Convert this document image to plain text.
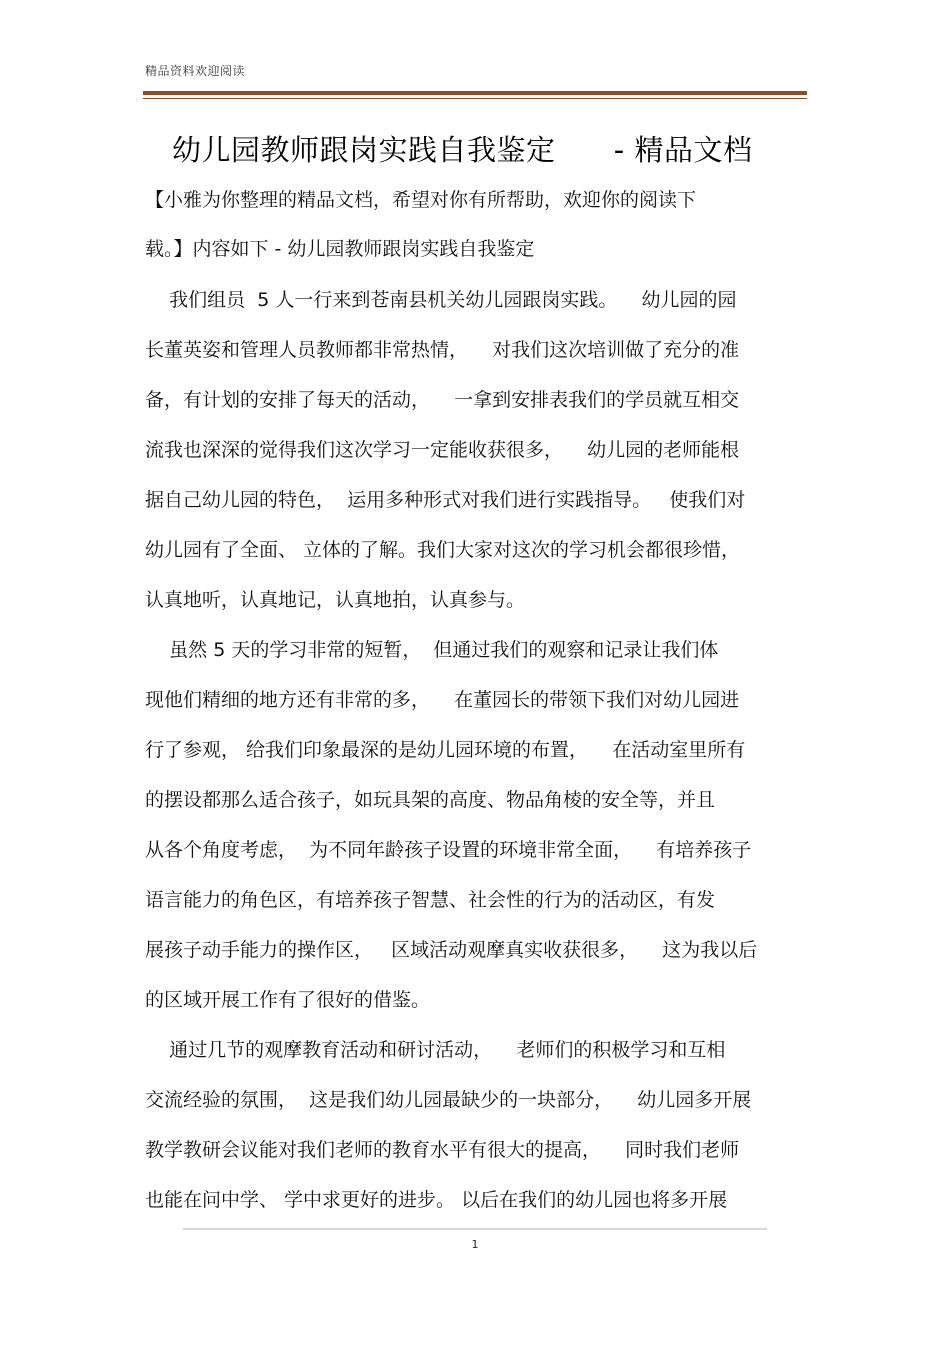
精品资料欢迎阅读
幼儿园教师跟岗实践自我鉴定      - 精品文档
【小雅为你整理的精品文档，希望对你有所帮助，欢迎你的阅读下
载。】内容如下 - 幼儿园教师跟岗实践自我鉴定
我们组员  5 人一行来到苍南县机关幼儿园跟岗实践。    幼儿园的园
长董英姿和管理人员教师都非常热情，    对我们这次培训做了充分的准
备，有计划的安排了每天的活动，    一拿到安排表我们的学员就互相交
流我也深深的觉得我们这次学习一定能收获很多，    幼儿园的老师能根
据自己幼儿园的特色，  运用多种形式对我们进行实践指导。   使我们对
幼儿园有了全面、 立体的了解。我们大家对这次的学习机会都很珍惜，
认真地听，认真地记，认真地拍，认真参与。
虽然 5 天的学习非常的短暂，  但通过我们的观察和记录让我们体
现他们精细的地方还有非常的多，    在董园长的带领下我们对幼儿园进
行了参观， 给我们印象最深的是幼儿园环境的布置，    在活动室里所有
的摆设都那么适合孩子，如玩具架的高度、物品角棱的安全等，并且
从各个角度考虑，  为不同年龄孩子设置的环境非常全面，    有培养孩子
语言能力的角色区，有培养孩子智慧、社会性的行为的活动区，有发
展孩子动手能力的操作区，   区域活动观摩真实收获很多，    这为我以后
的区域开展工作有了很好的借鉴。
通过几节的观摩教育活动和研讨活动，    老师们的积极学习和互相
交流经验的氛围，  这是我们幼儿园最缺少的一块部分，    幼儿园多开展
教学教研会议能对我们老师的教育水平有很大的提高，    同时我们老师
也能在问中学、 学中求更好的进步。 以后在我们的幼儿园也将多开展
1
